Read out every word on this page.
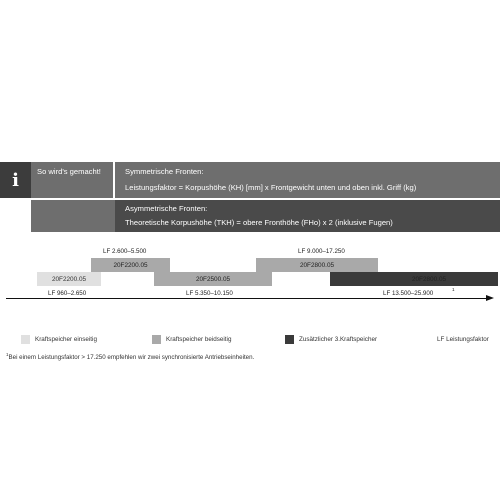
i So wird's gemacht!	Symmetrische Fronten:
Leistungsfaktor = Korpushöhe (KH) [mm] x Frontgewicht unten und oben inkl. Griff (kg)
Asymmetrische Fronten:
Theoretische Korpushöhe (TKH) = obere Fronthöhe (FHo) x 2 (inklusive Fugen)
LF 2.600–5.500	LF 9.000–17.250
20F2200.05
20F2200.05
20F2500.05
20F2800.05
20F2800.05
LF 960–2.650	LF 5.350–10.150	LF 13.500–25.900
1
Kraftspeicher einseitig	Kraftspeicher beidseitig	Zusätzlicher 3.Kraftspeicher	LF Leistungsfaktor
$^1$Bei einem Leistungsfaktor > 17.250 empfehlen wir zwei synchronisierte Antriebseinheiten.
